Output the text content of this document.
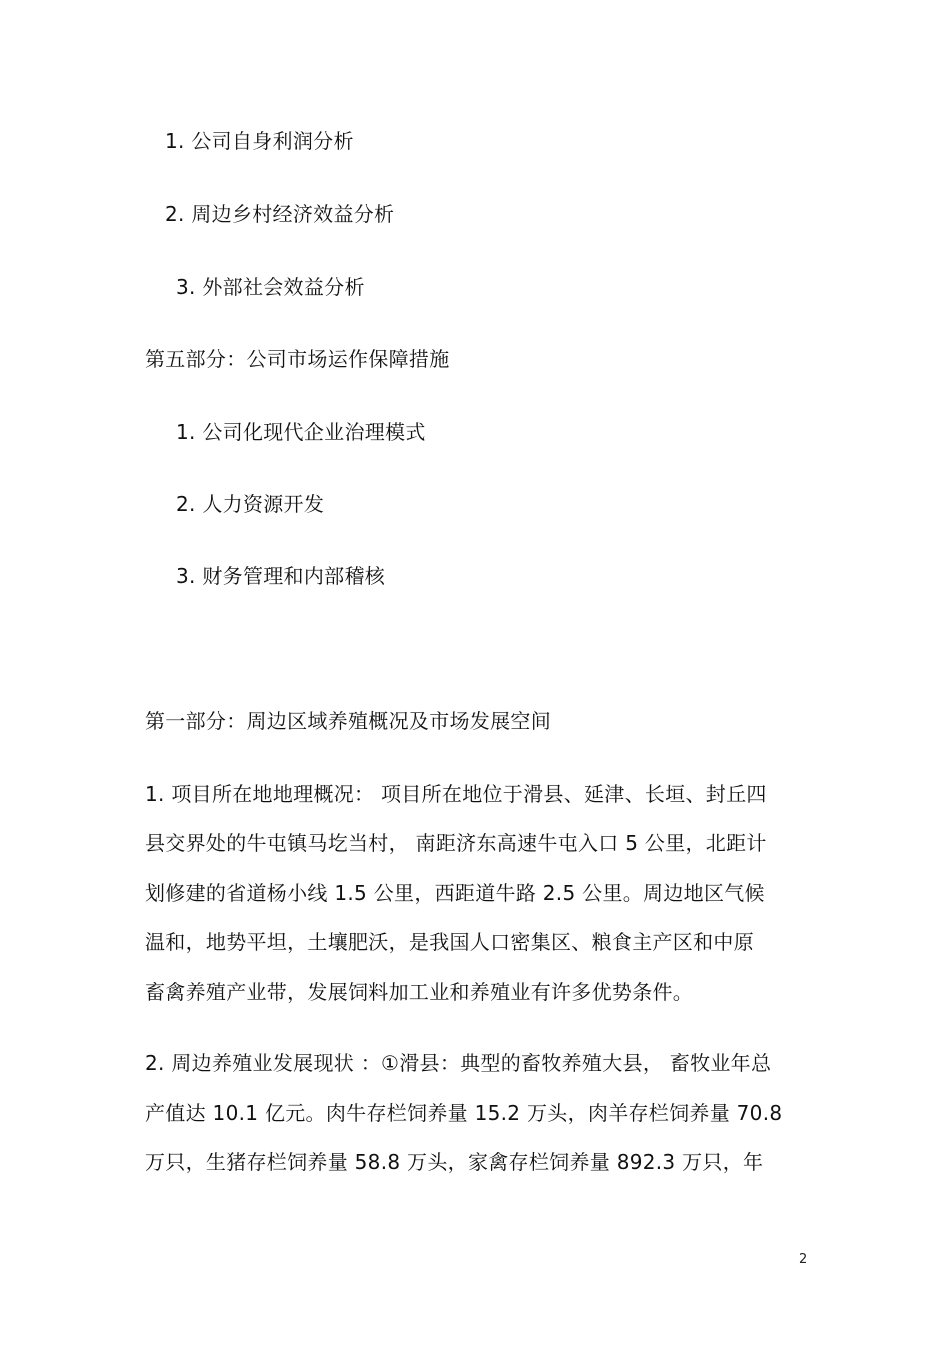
1. 公司自身利润分析
2. 周边乡村经济效益分析
3. 外部社会效益分析
第五部分：公司市场运作保障措施
1. 公司化现代企业治理模式
2. 人力资源开发
3. 财务管理和内部稽核
第一部分：周边区域养殖概况及市场发展空间
1. 项目所在地地理概况： 项目所在地位于滑县、延津、长垣、封丘四
县交界处的牛屯镇马圪当村， 南距济东高速牛屯入口 5 公里，北距计
划修建的省道杨小线 1.5 公里，西距道牛路 2.5 公里。周边地区气候
温和，地势平坦，土壤肥沃，是我国人口密集区、粮食主产区和中原
畜禽养殖产业带，发展饲料加工业和养殖业有许多优势条件。
2. 周边养殖业发展现状 ：①滑县：典型的畜牧养殖大县， 畜牧业年总
产值达 10.1 亿元。肉牛存栏饲养量 15.2 万头，肉羊存栏饲养量 70.8
万只，生猪存栏饲养量 58.8 万头，家禽存栏饲养量 892.3 万只，年
2
